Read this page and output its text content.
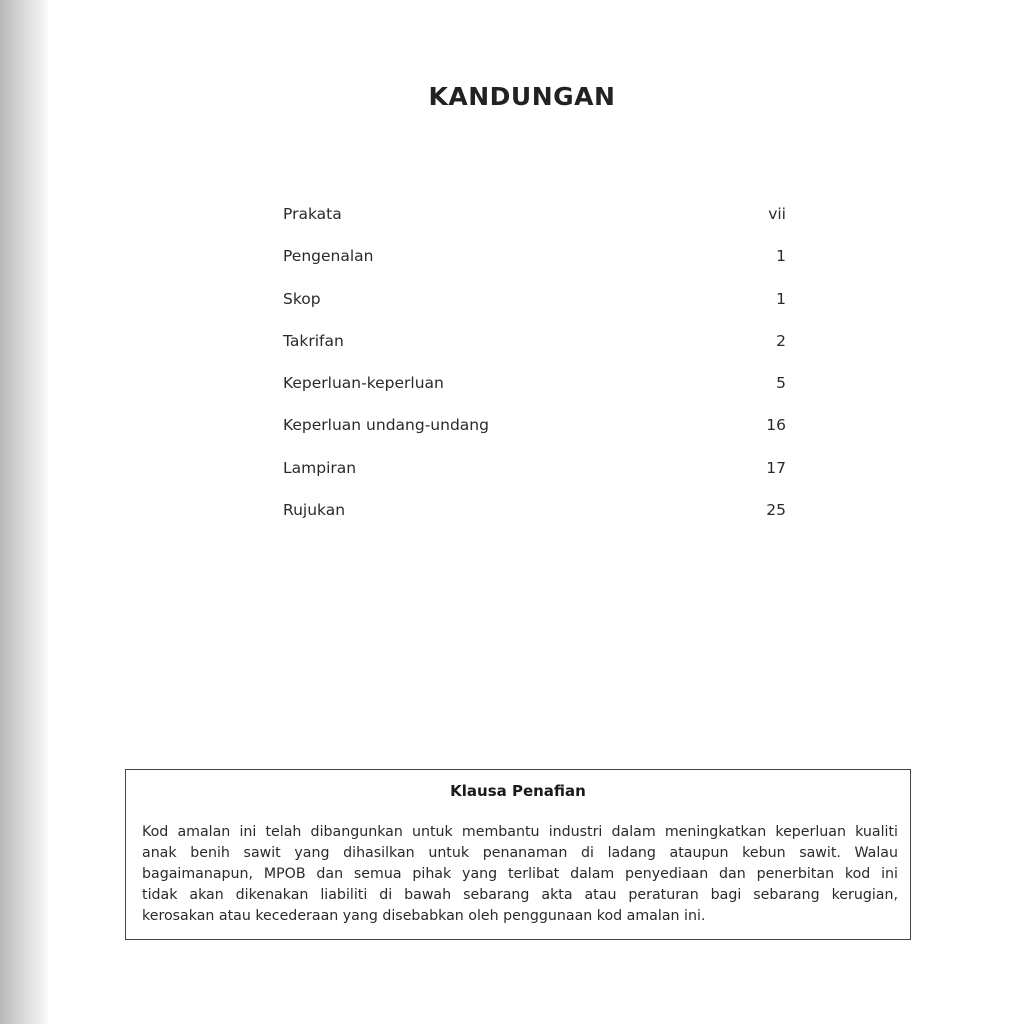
KANDUNGAN
Prakata	vii
Pengenalan	1
Skop	1
Takrifan	2
Keperluan-keperluan	5
Keperluan undang-undang	16
Lampiran	17
Rujukan	25
Klausa Penafian
Kod amalan ini telah dibangunkan untuk membantu industri dalam meningkatkan keperluan kualiti
anak benih sawit yang dihasilkan untuk penanaman di ladang ataupun kebun sawit. Walau
bagaimanapun, MPOB dan semua pihak yang terlibat dalam penyediaan dan penerbitan kod ini
tidak akan dikenakan liabiliti di bawah sebarang akta atau peraturan bagi sebarang kerugian,
kerosakan atau kecederaan yang disebabkan oleh penggunaan kod amalan ini.
